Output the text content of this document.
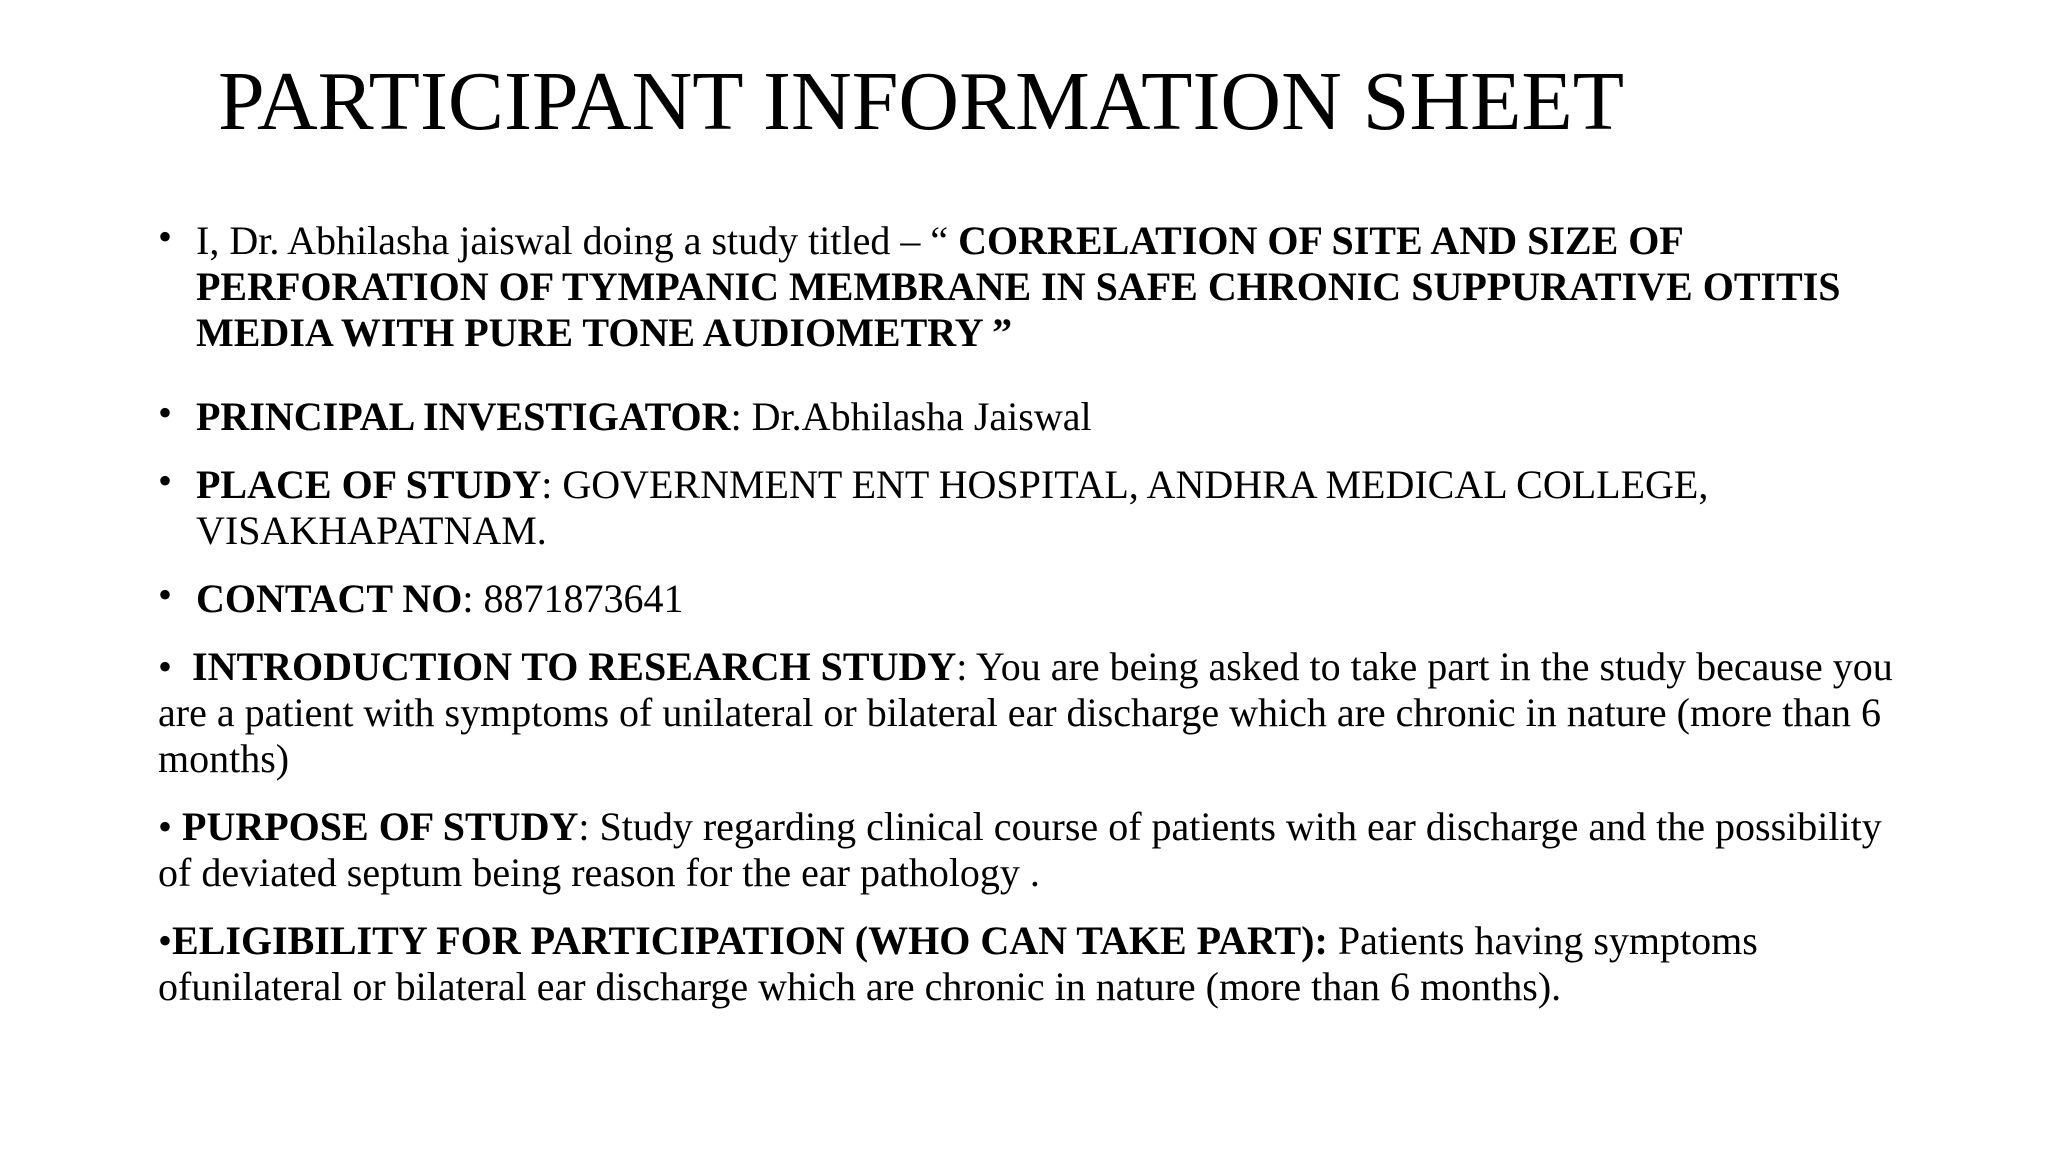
PARTICIPANT INFORMATION SHEET
• I, Dr. Abhilasha jaiswal doing a study titled – “ CORRELATION OF SITE AND SIZE OF PERFORATION OF TYMPANIC MEMBRANE IN SAFE CHRONIC SUPPURATIVE OTITIS MEDIA WITH PURE TONE AUDIOMETRY ”
• PRINCIPAL INVESTIGATOR: Dr.Abhilasha Jaiswal
• PLACE OF STUDY: GOVERNMENT ENT HOSPITAL, ANDHRA MEDICAL COLLEGE, VISAKHAPATNAM.
• CONTACT NO: 8871873641
• INTRODUCTION TO RESEARCH STUDY: You are being asked to take part in the study because you are a patient with symptoms of unilateral or bilateral ear discharge which are chronic in nature (more than 6 months)
• PURPOSE OF STUDY: Study regarding clinical course of patients with ear discharge and the possibility of deviated septum being reason for the ear pathology .
•ELIGIBILITY FOR PARTICIPATION (WHO CAN TAKE PART): Patients having symptoms ofunilateral or bilateral ear discharge which are chronic in nature (more than 6 months).
